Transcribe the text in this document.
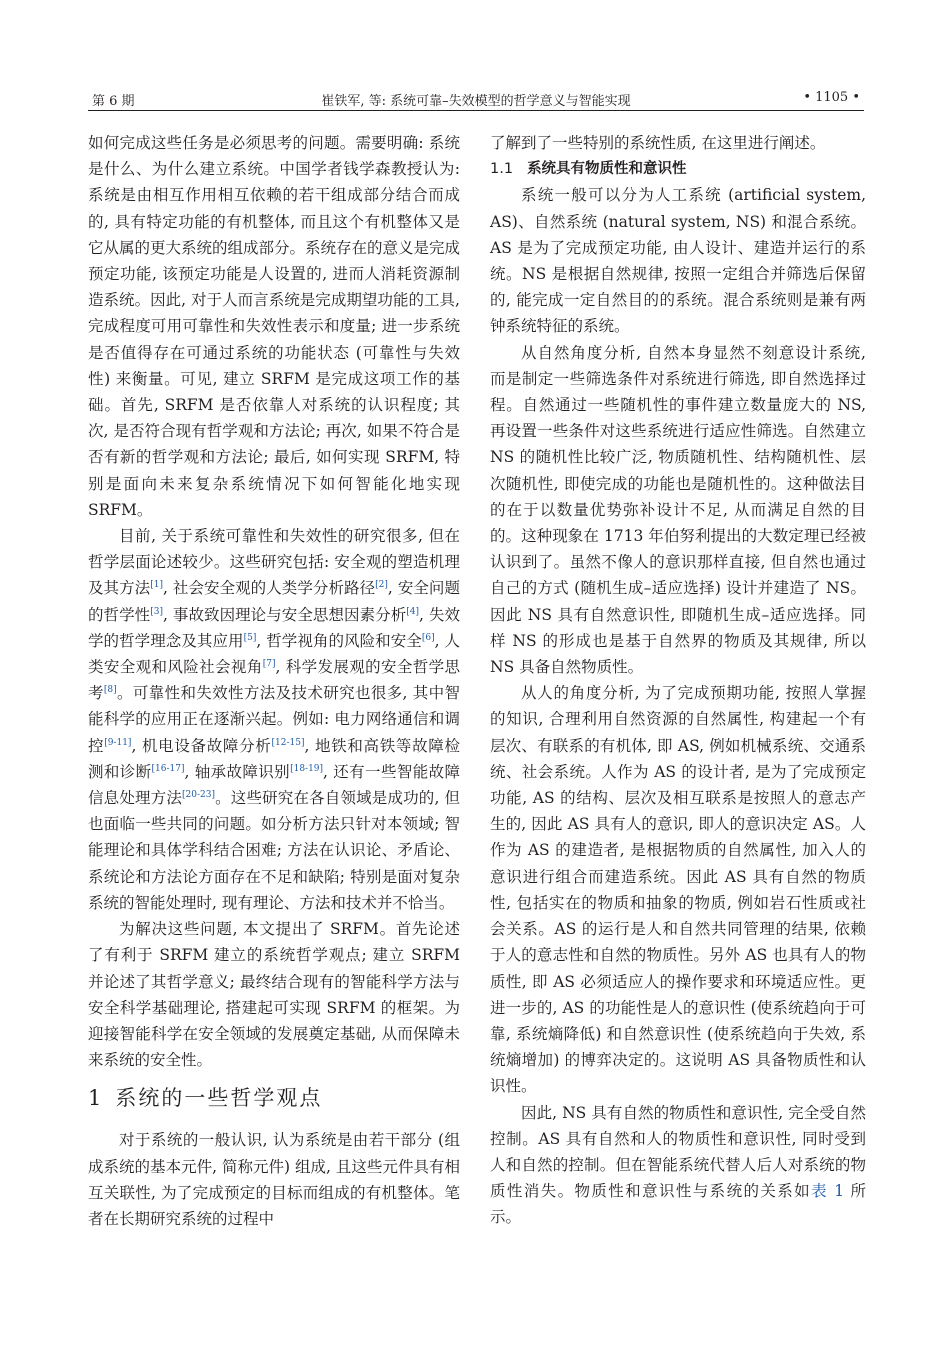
第 6 期	崔铁军, 等: 系统可靠–失效模型的哲学意义与智能实现	• 1105 •

如何完成这些任务是必须思考的问题。需要明确: 系统是什么、为什么建立系统。中国学者钱学森教授认为: 系统是由相互作用相互依赖的若干组成部分结合而成的, 具有特定功能的有机整体, 而且这个有机整体又是它从属的更大系统的组成部分。系统存在的意义是完成预定功能, 该预定功能是人设置的, 进而人消耗资源制造系统。因此, 对于人而言系统是完成期望功能的工具, 完成程度可用可靠性和失效性表示和度量; 进一步系统是否值得存在可通过系统的功能状态 (可靠性与失效性) 来衡量。可见, 建立 SRFM 是完成这项工作的基础。首先, SRFM 是否依靠人对系统的认识程度; 其次, 是否符合现有哲学观和方法论; 再次, 如果不符合是否有新的哲学观和方法论; 最后, 如何实现 SRFM, 特别是面向未来复杂系统情况下如何智能化地实现 SRFM。

目前, 关于系统可靠性和失效性的研究很多, 但在哲学层面论述较少。这些研究包括: 安全观的塑造机理及其方法[1], 社会安全观的人类学分析路径[2], 安全问题的哲学性[3], 事故致因理论与安全思想因素分析[4], 失效学的哲学理念及其应用[5], 哲学视角的风险和安全[6], 人类安全观和风险社会视角[7], 科学发展观的安全哲学思考[8]。可靠性和失效性方法及技术研究也很多, 其中智能科学的应用正在逐渐兴起。例如: 电力网络通信和调控[9-11], 机电设备故障分析[12-15], 地铁和高铁等故障检测和诊断[16-17], 轴承故障识别[18-19], 还有一些智能故障信息处理方法[20-23]。这些研究在各自领域是成功的, 但也面临一些共同的问题。如分析方法只针对本领域; 智能理论和具体学科结合困难; 方法在认识论、矛盾论、系统论和方法论方面存在不足和缺陷; 特别是面对复杂系统的智能处理时, 现有理论、方法和技术并不恰当。

为解决这些问题, 本文提出了 SRFM。首先论述了有利于 SRFM 建立的系统哲学观点; 建立 SRFM 并论述了其哲学意义; 最终结合现有的智能科学方法与安全科学基础理论, 搭建起可实现 SRFM 的框架。为迎接智能科学在安全领域的发展奠定基础, 从而保障未来系统的安全性。

1 系统的一些哲学观点

对于系统的一般认识, 认为系统是由若干部分 (组成系统的基本元件, 简称元件) 组成, 且这些元件具有相互关联性, 为了完成预定的目标而组成的有机整体。笔者在长期研究系统的过程中

了解到了一些特别的系统性质, 在这里进行阐述。

1.1 系统具有物质性和意识性

系统一般可以分为人工系统 (artificial system, AS)、自然系统 (natural system, NS) 和混合系统。AS 是为了完成预定功能, 由人设计、建造并运行的系统。NS 是根据自然规律, 按照一定组合并筛选后保留的, 能完成一定自然目的的系统。混合系统则是兼有两钟系统特征的系统。

从自然角度分析, 自然本身显然不刻意设计系统, 而是制定一些筛选条件对系统进行筛选, 即自然选择过程。自然通过一些随机性的事件建立数量庞大的 NS, 再设置一些条件对这些系统进行适应性筛选。自然建立 NS 的随机性比较广泛, 物质随机性、结构随机性、层次随机性, 即使完成的功能也是随机性的。这种做法目的在于以数量优势弥补设计不足, 从而满足自然的目的。这种现象在 1713 年伯努利提出的大数定理已经被认识到了。虽然不像人的意识那样直接, 但自然也通过自己的方式 (随机生成–适应选择) 设计并建造了 NS。因此 NS 具有自然意识性, 即随机生成–适应选择。同样 NS 的形成也是基于自然界的物质及其规律, 所以 NS 具备自然物质性。

从人的角度分析, 为了完成预期功能, 按照人掌握的知识, 合理利用自然资源的自然属性, 构建起一个有层次、有联系的有机体, 即 AS, 例如机械系统、交通系统、社会系统。人作为 AS 的设计者, 是为了完成预定功能, AS 的结构、层次及相互联系是按照人的意志产生的, 因此 AS 具有人的意识, 即人的意识决定 AS。人作为 AS 的建造者, 是根据物质的自然属性, 加入人的意识进行组合而建造系统。因此 AS 具有自然的物质性, 包括实在的物质和抽象的物质, 例如岩石性质或社会关系。AS 的运行是人和自然共同管理的结果, 依赖于人的意志性和自然的物质性。另外 AS 也具有人的物质性, 即 AS 必须适应人的操作要求和环境适应性。更进一步的, AS 的功能性是人的意识性 (使系统趋向于可靠, 系统熵降低) 和自然意识性 (使系统趋向于失效, 系统熵增加) 的博弈决定的。这说明 AS 具备物质性和认识性。

因此, NS 具有自然的物质性和意识性, 完全受自然控制。AS 具有自然和人的物质性和意识性, 同时受到人和自然的控制。但在智能系统代替人后人对系统的物质性消失。物质性和意识性与系统的关系如表 1 所示。
